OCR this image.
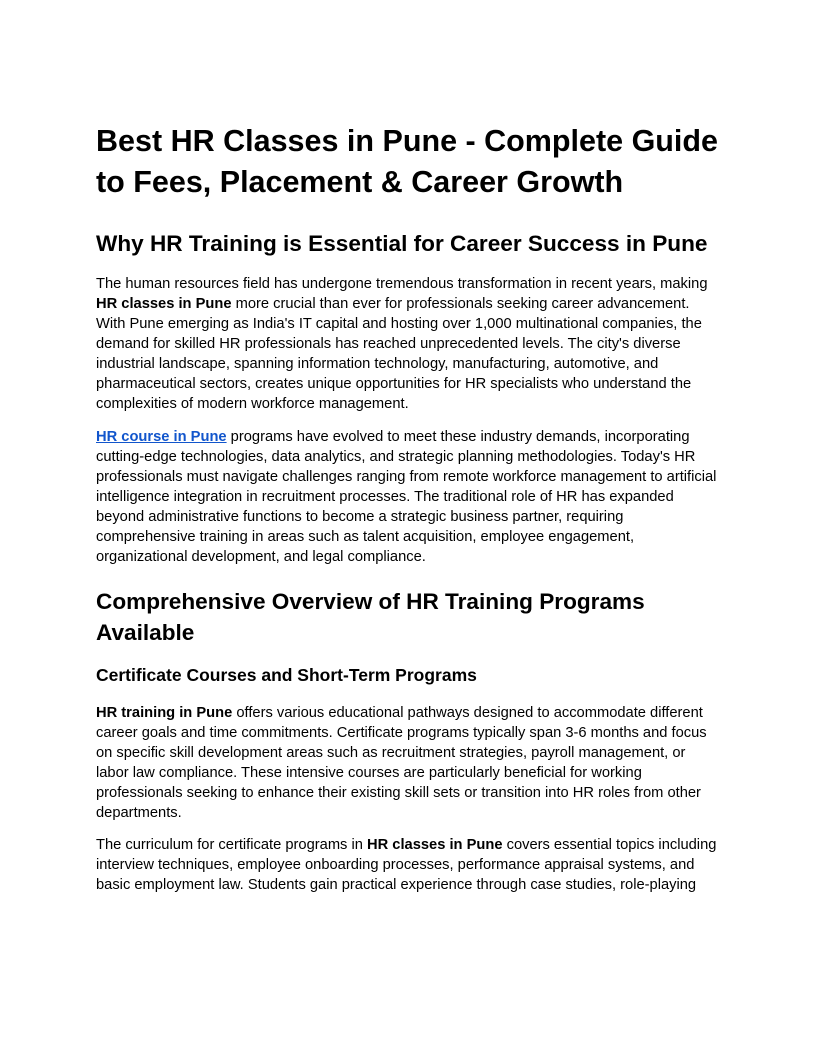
Best HR Classes in Pune - Complete Guide to Fees, Placement & Career Growth
Why HR Training is Essential for Career Success in Pune

The human resources field has undergone tremendous transformation in recent years, making HR classes in Pune more crucial than ever for professionals seeking career advancement. With Pune emerging as India's IT capital and hosting over 1,000 multinational companies, the demand for skilled HR professionals has reached unprecedented levels. The city's diverse industrial landscape, spanning information technology, manufacturing, automotive, and pharmaceutical sectors, creates unique opportunities for HR specialists who understand the complexities of modern workforce management.

HR course in Pune programs have evolved to meet these industry demands, incorporating cutting-edge technologies, data analytics, and strategic planning methodologies. Today's HR professionals must navigate challenges ranging from remote workforce management to artificial intelligence integration in recruitment processes. The traditional role of HR has expanded beyond administrative functions to become a strategic business partner, requiring comprehensive training in areas such as talent acquisition, employee engagement, organizational development, and legal compliance.

Comprehensive Overview of HR Training Programs Available
Certificate Courses and Short-Term Programs

HR training in Pune offers various educational pathways designed to accommodate different career goals and time commitments. Certificate programs typically span 3-6 months and focus on specific skill development areas such as recruitment strategies, payroll management, or labor law compliance. These intensive courses are particularly beneficial for working professionals seeking to enhance their existing skill sets or transition into HR roles from other departments.

The curriculum for certificate programs in HR classes in Pune covers essential topics including interview techniques, employee onboarding processes, performance appraisal systems, and basic employment law. Students gain practical experience through case studies, role-playing
